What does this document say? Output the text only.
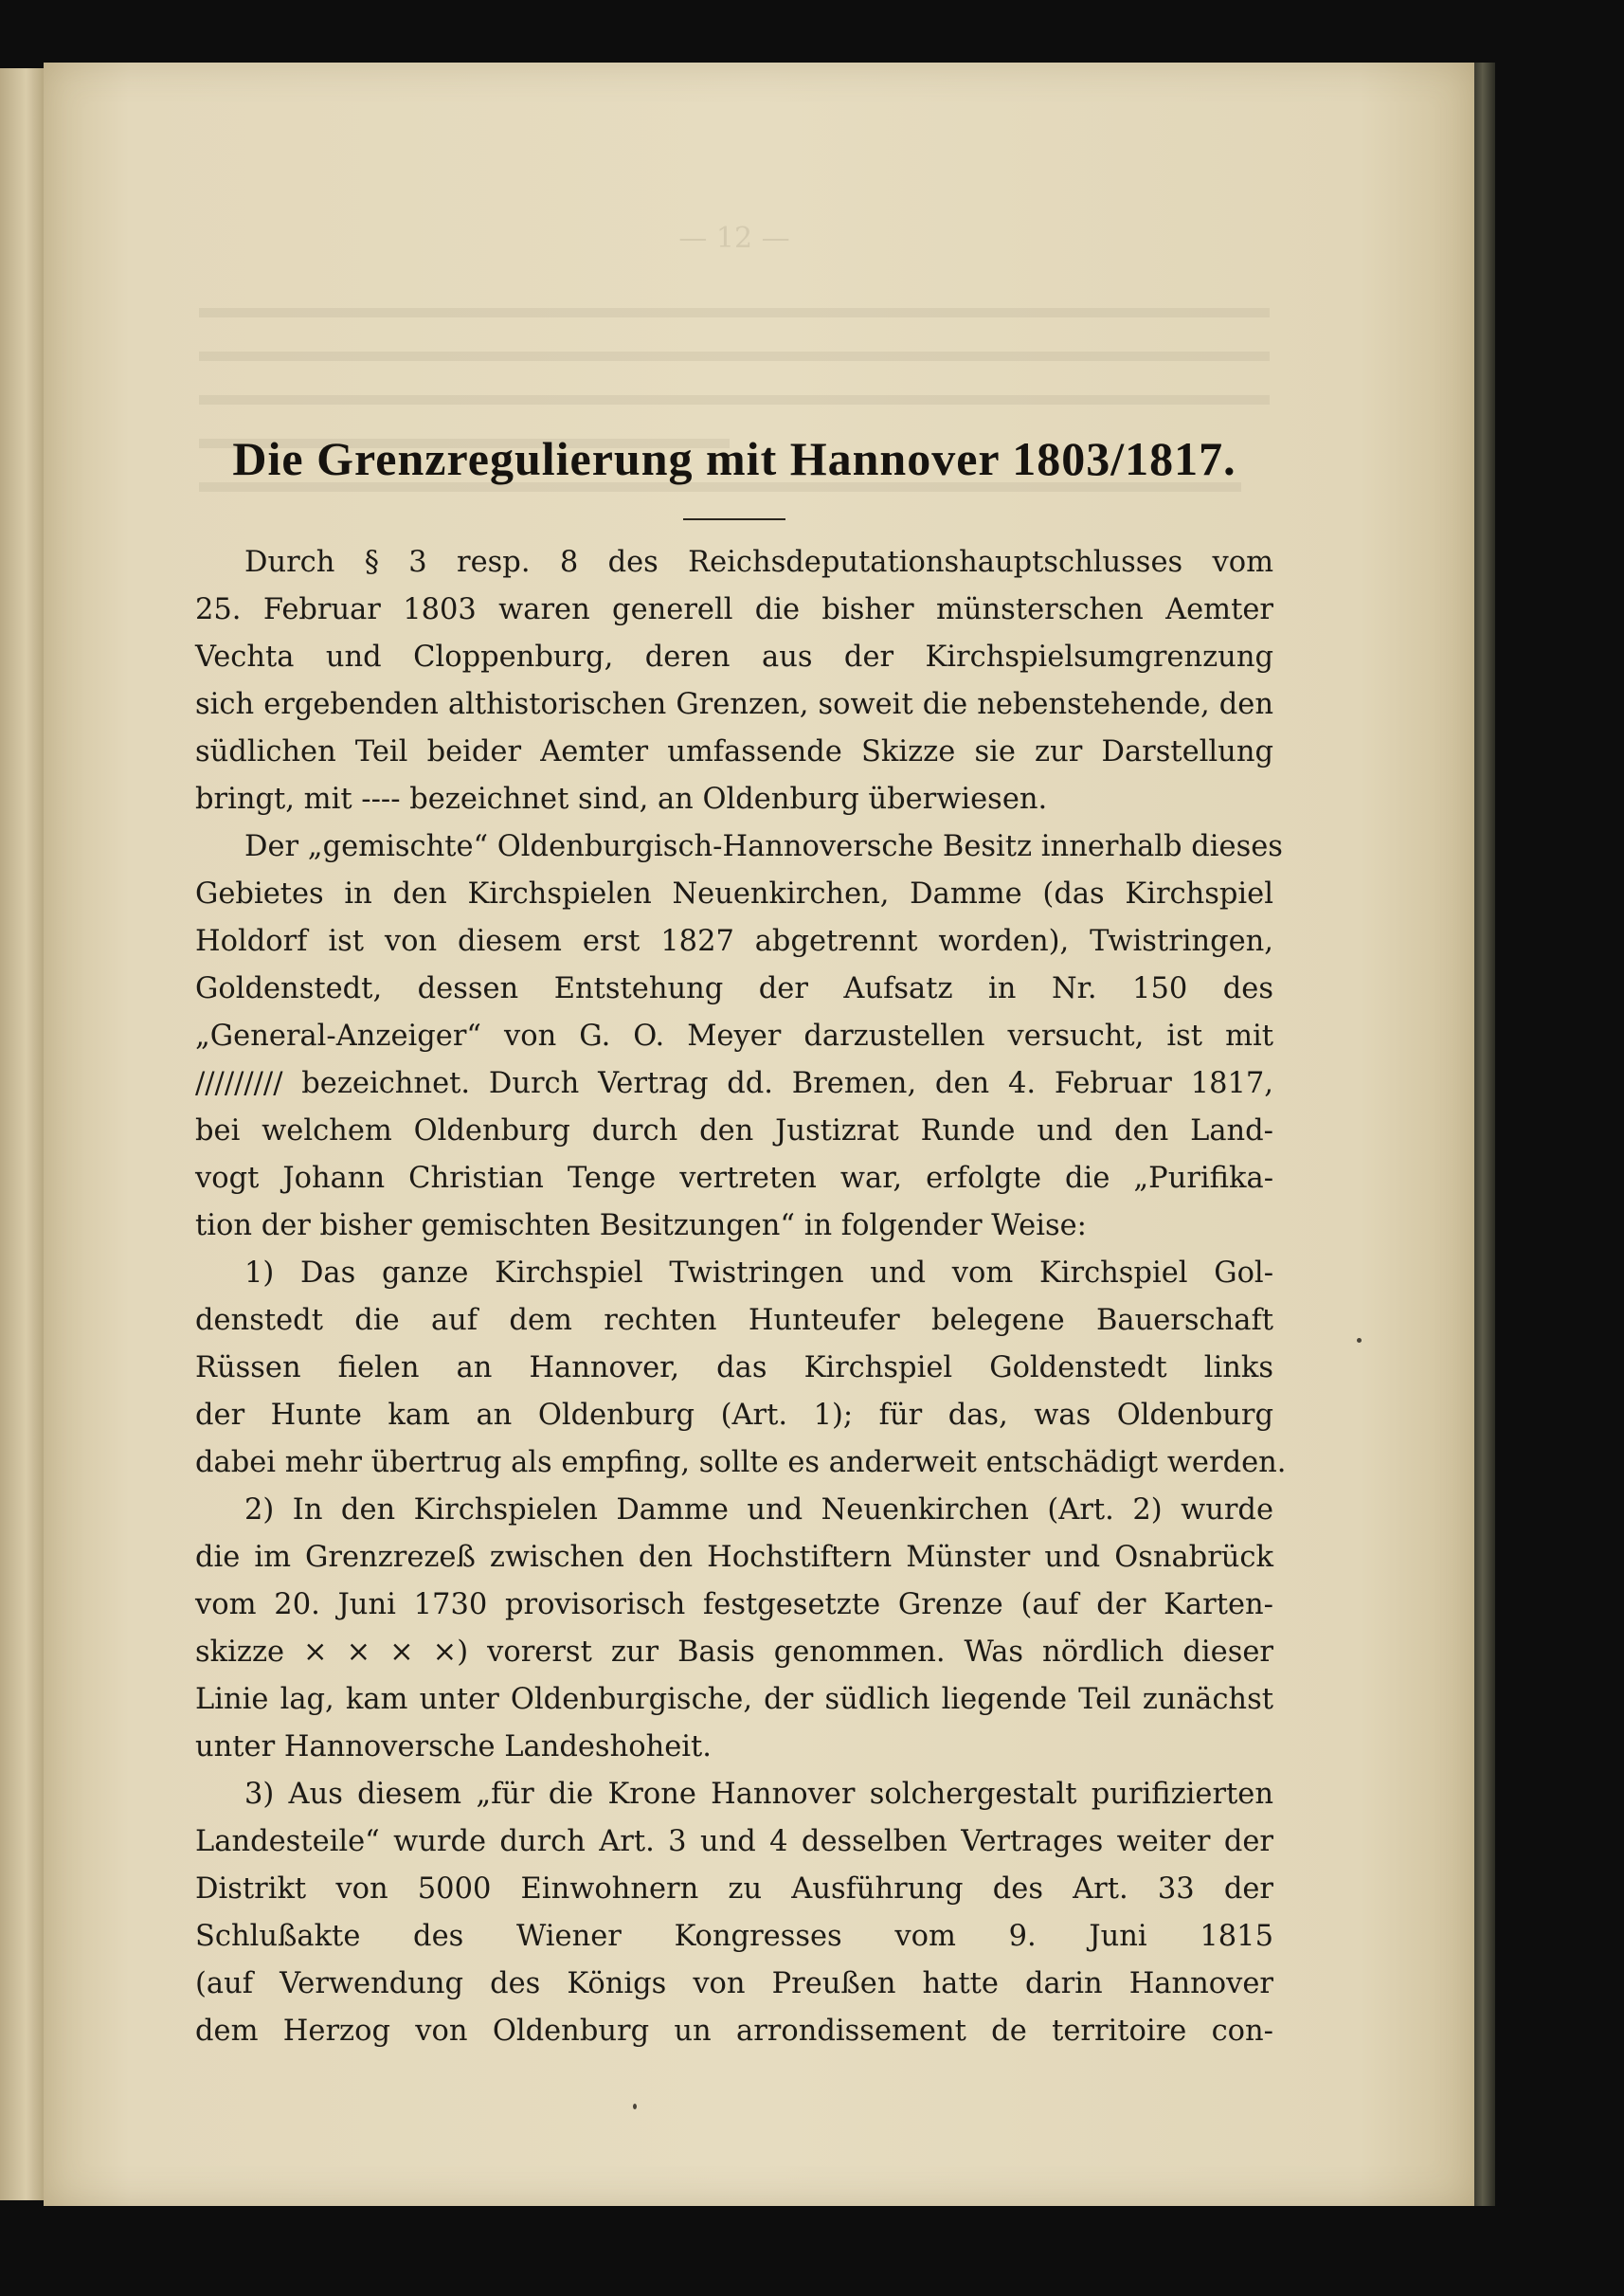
— 12 —
Die Grenzregulierung mit Hannover 1803/1817.
Durch § 3 resp. 8 des Reichsdeputationshauptschlusses vom
25. Februar 1803 waren generell die bisher münsterschen Aemter
Vechta und Cloppenburg, deren aus der Kirchspielsumgrenzung
sich ergebenden althistorischen Grenzen, soweit die nebenstehende, den
südlichen Teil beider Aemter umfassende Skizze sie zur Darstellung
bringt, mit ---- bezeichnet sind, an Oldenburg überwiesen.
Der „gemischte“ Oldenburgisch-Hannoversche Besitz innerhalb dieses
Gebietes in den Kirchspielen Neuenkirchen, Damme (das Kirchspiel
Holdorf ist von diesem erst 1827 abgetrennt worden), Twistringen,
Goldenstedt, dessen Entstehung der Aufsatz in Nr. 150 des
„General-Anzeiger“ von G. O. Meyer darzustellen versucht, ist mit
///////// bezeichnet. Durch Vertrag dd. Bremen, den 4. Februar 1817,
bei welchem Oldenburg durch den Justizrat Runde und den Land-
vogt Johann Christian Tenge vertreten war, erfolgte die „Purifika-
tion der bisher gemischten Besitzungen“ in folgender Weise:
1) Das ganze Kirchspiel Twistringen und vom Kirchspiel Gol-
denstedt die auf dem rechten Hunteufer belegene Bauerschaft
Rüssen fielen an Hannover, das Kirchspiel Goldenstedt links
der Hunte kam an Oldenburg (Art. 1); für das, was Oldenburg
dabei mehr übertrug als empfing, sollte es anderweit entschädigt werden.
2) In den Kirchspielen Damme und Neuenkirchen (Art. 2) wurde
die im Grenzrezeß zwischen den Hochstiftern Münster und Osnabrück
vom 20. Juni 1730 provisorisch festgesetzte Grenze (auf der Karten-
skizze × × × ×) vorerst zur Basis genommen. Was nördlich dieser
Linie lag, kam unter Oldenburgische, der südlich liegende Teil zunächst
unter Hannoversche Landeshoheit.
3) Aus diesem „für die Krone Hannover solchergestalt purifizierten
Landesteile“ wurde durch Art. 3 und 4 desselben Vertrages weiter der
Distrikt von 5000 Einwohnern zu Ausführung des Art. 33 der
Schlußakte des Wiener Kongresses vom 9. Juni 1815
(auf Verwendung des Königs von Preußen hatte darin Hannover
dem Herzog von Oldenburg un arrondissement de territoire con-
